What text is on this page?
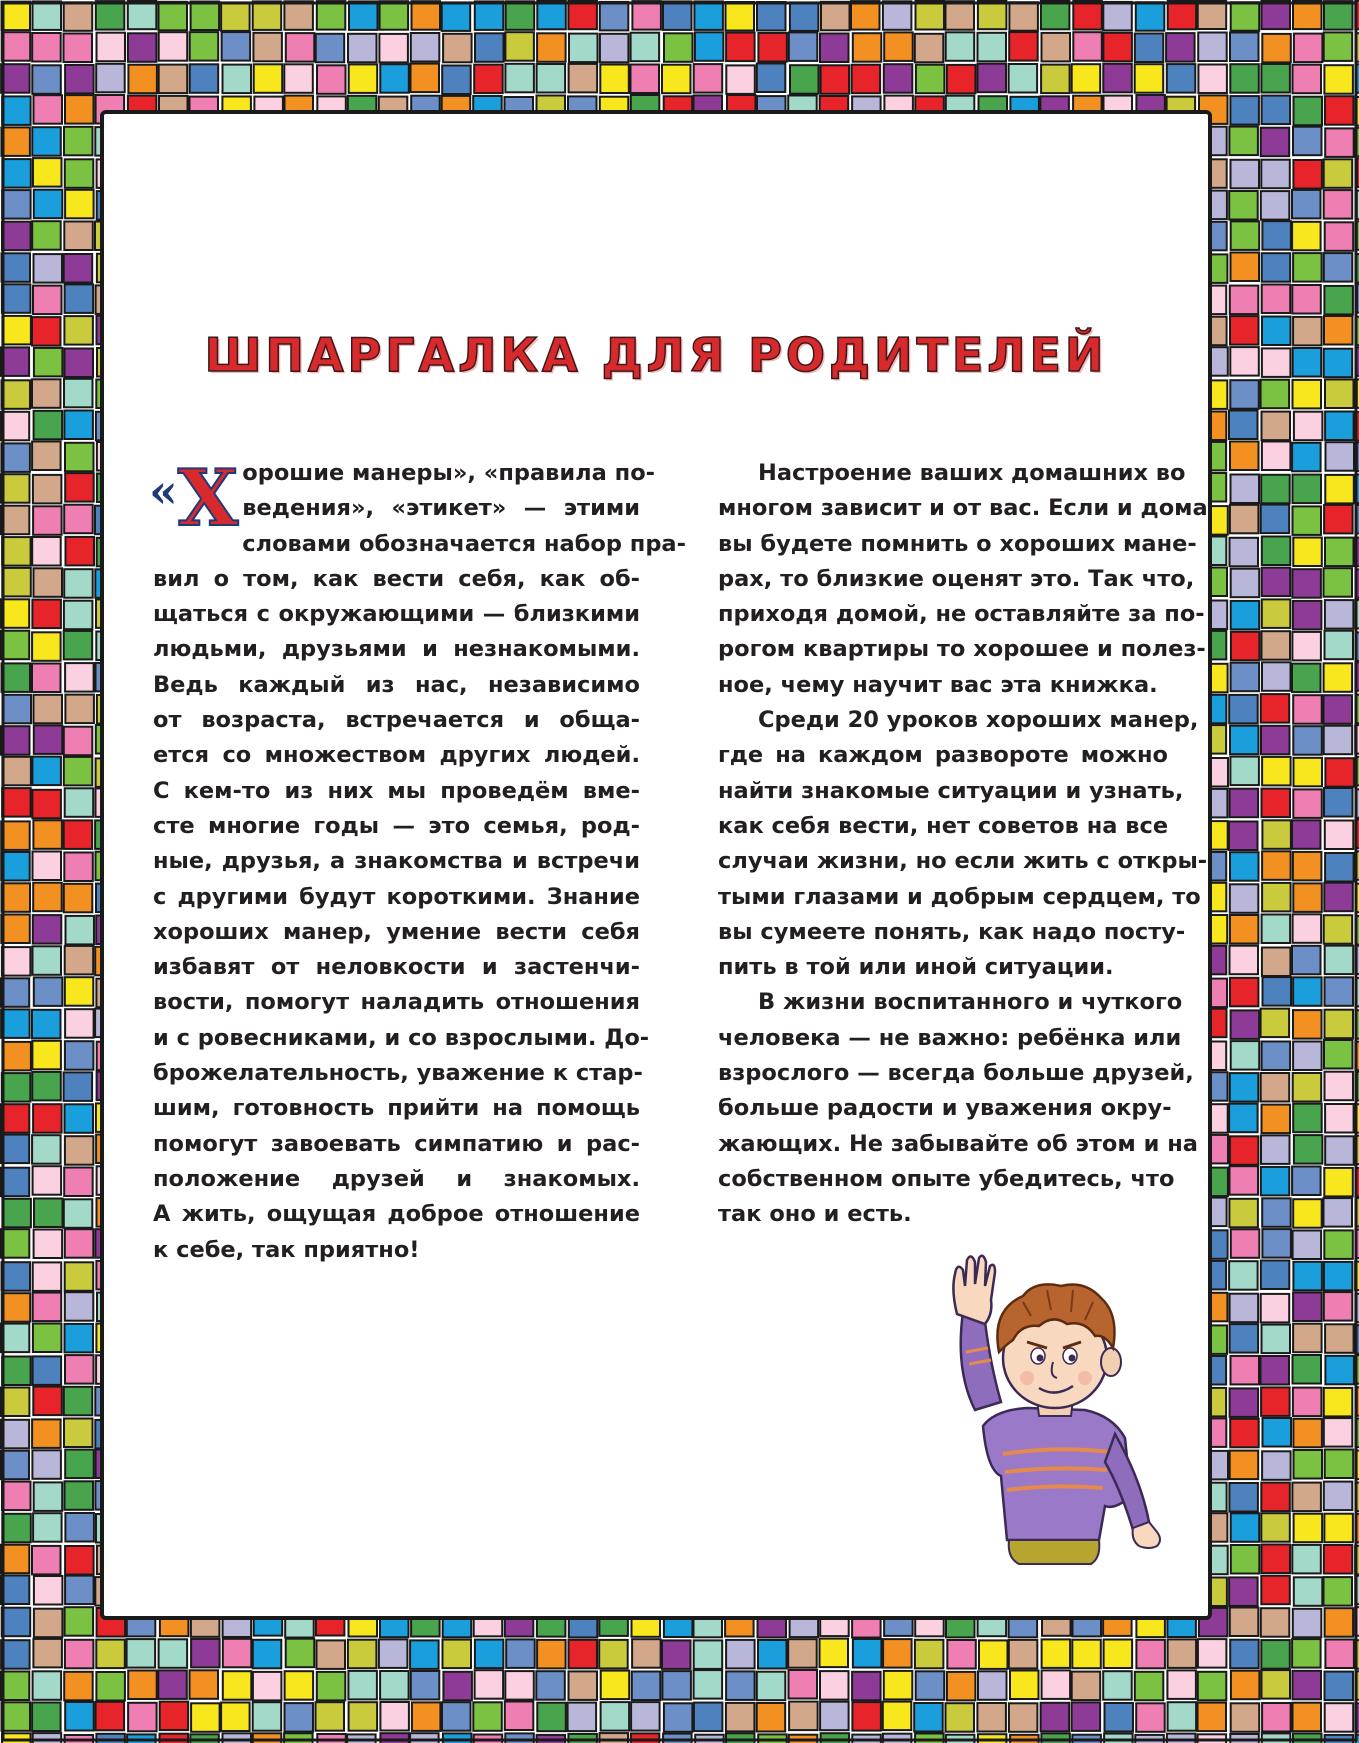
ШПАРГАЛКА ДЛЯ РОДИТЕЛЕЙ
«Х орошие манеры», «правила по-
ведения», «этикет» — этими
словами обозначается набор пра-
вил о том, как вести себя, как об-
щаться с окружающими — близкими
людьми, друзьями и незнакомыми.
Ведь каждый из нас, независимо
от возраста, встречается и обща-
ется со множеством других людей.
С кем-то из них мы проведём вме-
сте многие годы — это семья, род-
ные, друзья, а знакомства и встречи
с другими будут короткими. Знание
хороших манер, умение вести себя
избавят от неловкости и застенчи-
вости, помогут наладить отношения
и с ровесниками, и со взрослыми. До-
брожелательность, уважение к стар-
шим, готовность прийти на помощь
помогут завоевать симпатию и рас-
положение друзей и знакомых.
А жить, ощущая доброе отношение
к себе, так приятно!
Настроение ваших домашних во
многом зависит и от вас. Если и дома
вы будете помнить о хороших мане-
рах, то близкие оценят это. Так что,
приходя домой, не оставляйте за по-
рогом квартиры то хорошее и полез-
ное, чему научит вас эта книжка.
Среди 20 уроков хороших манер,
где на каждом развороте можно
найти знакомые ситуации и узнать,
как себя вести, нет советов на все
случаи жизни, но если жить с откры-
тыми глазами и добрым сердцем, то
вы сумеете понять, как надо посту-
пить в той или иной ситуации.
В жизни воспитанного и чуткого
человека — не важно: ребёнка или
взрослого — всегда больше друзей,
больше радости и уважения окру-
жающих. Не забывайте об этом и на
собственном опыте убедитесь, что
так оно и есть.
